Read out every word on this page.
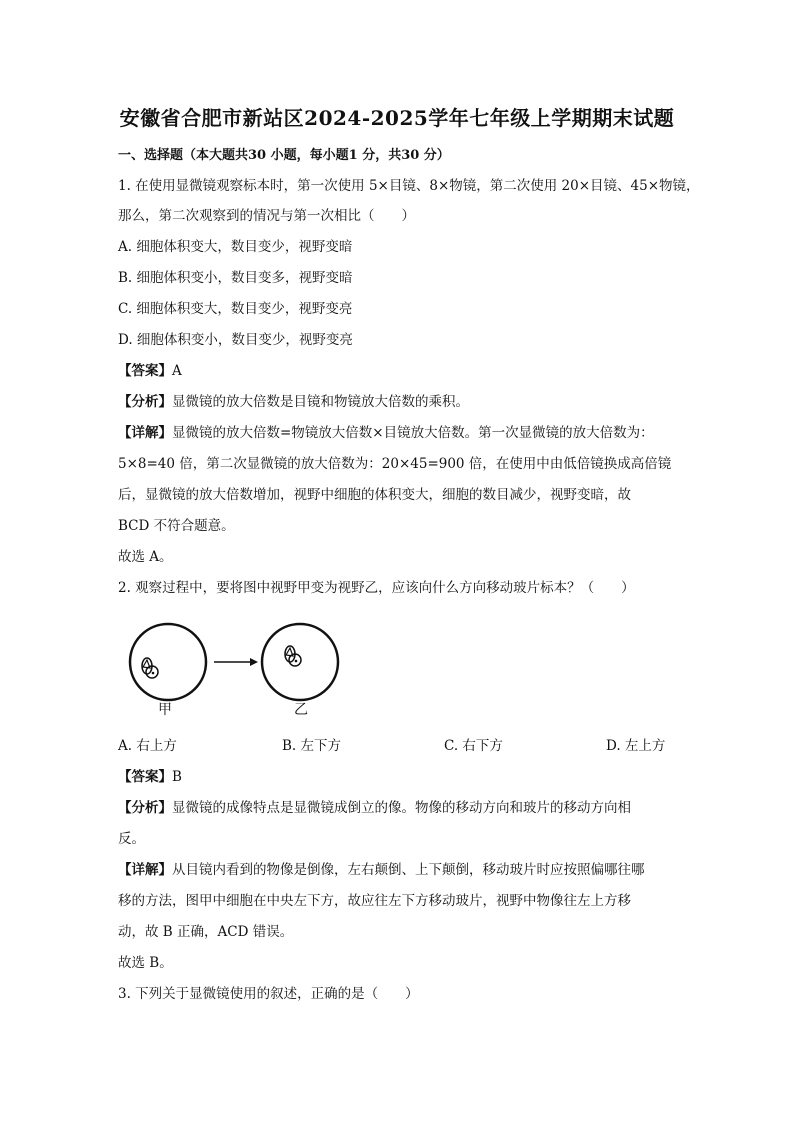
安徽省合肥市新站区2024-2025学年七年级上学期期末试题
一、选择题（本大题共30 小题，每小题1 分，共30 分）
1. 在使用显微镜观察标本时，第一次使用 5×目镜、8×物镜，第二次使用 20×目镜、45×物镜，
那么，第二次观察到的情况与第一次相比（　　）
A. 细胞体积变大，数目变少，视野变暗
B. 细胞体积变小，数目变多，视野变暗
C. 细胞体积变大，数目变少，视野变亮
D. 细胞体积变小，数目变少，视野变亮
【答案】A
【分析】显微镜的放大倍数是目镜和物镜放大倍数的乘积。
【详解】显微镜的放大倍数=物镜放大倍数×目镜放大倍数。第一次显微镜的放大倍数为：
5×8=40 倍，第二次显微镜的放大倍数为：20×45=900 倍，在使用中由低倍镜换成高倍镜
后，显微镜的放大倍数增加，视野中细胞的体积变大，细胞的数目减少，视野变暗，故
BCD 不符合题意。
故选 A。
2. 观察过程中，要将图中视野甲变为视野乙，应该向什么方向移动玻片标本？（　　）
甲	乙
A. 右上方	B. 左下方	C. 右下方	D. 左上方
【答案】B
【分析】显微镜的成像特点是显微镜成倒立的像。物像的移动方向和玻片的移动方向相
反。
【详解】从目镜内看到的物像是倒像，左右颠倒、上下颠倒，移动玻片时应按照偏哪往哪
移的方法，图甲中细胞在中央左下方，故应往左下方移动玻片，视野中物像往左上方移
动，故 B 正确，ACD 错误。
故选 B。
3. 下列关于显微镜使用的叙述，正确的是（　　）
